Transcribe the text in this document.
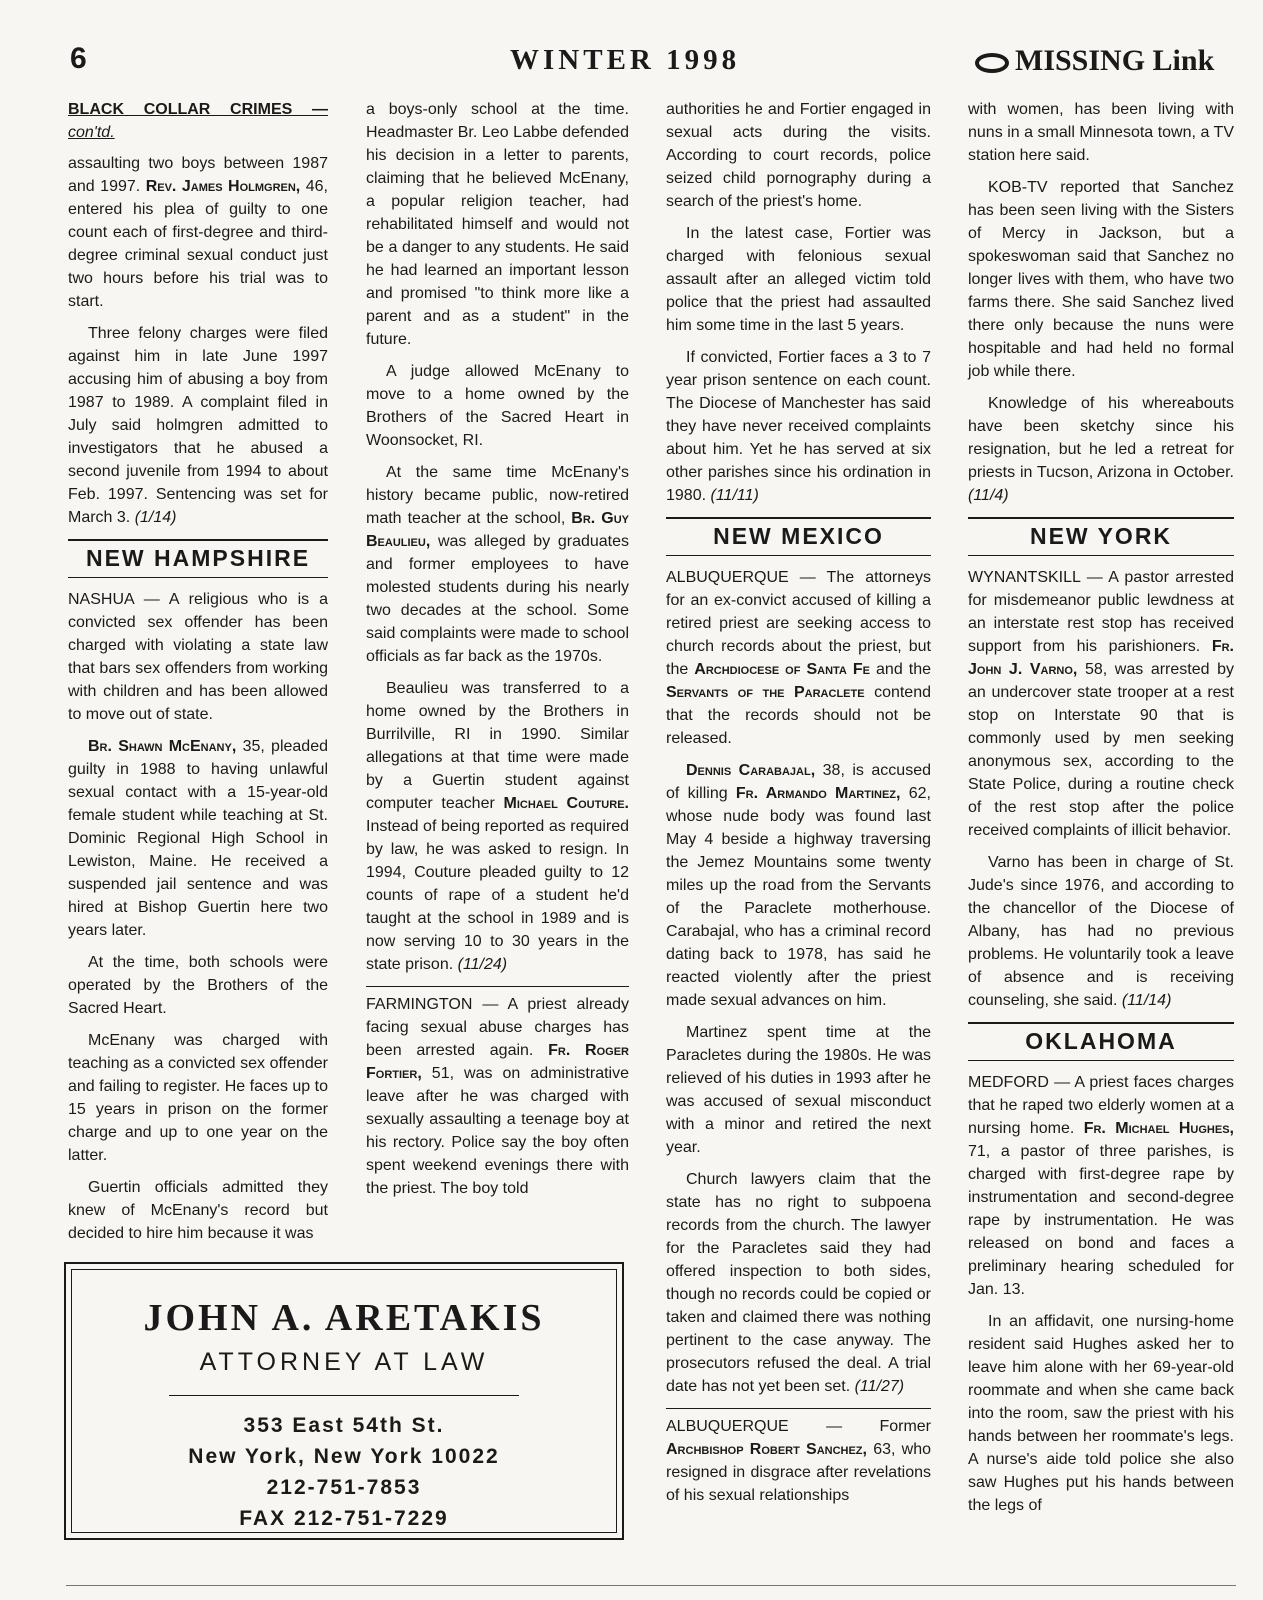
6	WINTER 1998	MISSING Link
BLACK COLLAR CRIMES — con'td.

assaulting two boys between 1987 and 1997. Rev. James Holmgren, 46, entered his plea of guilty to one count each of first-degree and third-degree criminal sexual conduct just two hours before his trial was to start.

Three felony charges were filed against him in late June 1997 accusing him of abusing a boy from 1987 to 1989. A complaint filed in July said holmgren admitted to investigators that he abused a second juvenile from 1994 to about Feb. 1997. Sentencing was set for March 3. (1/14)

NEW HAMPSHIRE

NASHUA — A religious who is a convicted sex offender has been charged with violating a state law that bars sex offenders from working with children and has been allowed to move out of state.

Br. Shawn McEnany, 35, pleaded guilty in 1988 to having unlawful sexual contact with a 15-year-old female student while teaching at St. Dominic Regional High School in Lewiston, Maine. He received a suspended jail sentence and was hired at Bishop Guertin here two years later.

At the time, both schools were operated by the Brothers of the Sacred Heart.

McEnany was charged with teaching as a convicted sex offender and failing to register. He faces up to 15 years in prison on the former charge and up to one year on the latter.

Guertin officials admitted they knew of McEnany's record but decided to hire him because it was

a boys-only school at the time. Headmaster Br. Leo Labbe defended his decision in a letter to parents, claiming that he believed McEnany, a popular religion teacher, had rehabilitated himself and would not be a danger to any students. He said he had learned an important lesson and promised "to think more like a parent and as a student" in the future.

A judge allowed McEnany to move to a home owned by the Brothers of the Sacred Heart in Woonsocket, RI.

At the same time McEnany's history became public, now-retired math teacher at the school, Br. Guy Beaulieu, was alleged by graduates and former employees to have molested students during his nearly two decades at the school. Some said complaints were made to school officials as far back as the 1970s.

Beaulieu was transferred to a home owned by the Brothers in Burrilville, RI in 1990. Similar allegations at that time were made by a Guertin student against computer teacher Michael Couture. Instead of being reported as required by law, he was asked to resign. In 1994, Couture pleaded guilty to 12 counts of rape of a student he'd taught at the school in 1989 and is now serving 10 to 30 years in the state prison. (11/24)

FARMINGTON — A priest already facing sexual abuse charges has been arrested again. Fr. Roger Fortier, 51, was on administrative leave after he was charged with sexually assaulting a teenage boy at his rectory. Police say the boy often spent weekend evenings there with the priest. The boy told

authorities he and Fortier engaged in sexual acts during the visits. According to court records, police seized child pornography during a search of the priest's home.

In the latest case, Fortier was charged with felonious sexual assault after an alleged victim told police that the priest had assaulted him some time in the last 5 years.

If convicted, Fortier faces a 3 to 7 year prison sentence on each count. The Diocese of Manchester has said they have never received complaints about him. Yet he has served at six other parishes since his ordination in 1980. (11/11)

NEW MEXICO

ALBUQUERQUE — The attorneys for an ex-convict accused of killing a retired priest are seeking access to church records about the priest, but the Archdiocese of Santa Fe and the Servants of the Paraclete contend that the records should not be released.

Dennis Carabajal, 38, is accused of killing Fr. Armando Martinez, 62, whose nude body was found last May 4 beside a highway traversing the Jemez Mountains some twenty miles up the road from the Servants of the Paraclete motherhouse. Carabajal, who has a criminal record dating back to 1978, has said he reacted violently after the priest made sexual advances on him.

Martinez spent time at the Paracletes during the 1980s. He was relieved of his duties in 1993 after he was accused of sexual misconduct with a minor and retired the next year.

Church lawyers claim that the state has no right to subpoena records from the church. The lawyer for the Paracletes said they had offered inspection to both sides, though no records could be copied or taken and claimed there was nothing pertinent to the case anyway. The prosecutors refused the deal. A trial date has not yet been set. (11/27)

ALBUQUERQUE — Former Archbishop Robert Sanchez, 63, who resigned in disgrace after revelations of his sexual relationships

with women, has been living with nuns in a small Minnesota town, a TV station here said.

KOB-TV reported that Sanchez has been seen living with the Sisters of Mercy in Jackson, but a spokeswoman said that Sanchez no longer lives with them, who have two farms there. She said Sanchez lived there only because the nuns were hospitable and had held no formal job while there.

Knowledge of his whereabouts have been sketchy since his resignation, but he led a retreat for priests in Tucson, Arizona in October. (11/4)

NEW YORK

WYNANTSKILL — A pastor arrested for misdemeanor public lewdness at an interstate rest stop has received support from his parishioners. Fr. John J. Varno, 58, was arrested by an undercover state trooper at a rest stop on Interstate 90 that is commonly used by men seeking anonymous sex, according to the State Police, during a routine check of the rest stop after the police received complaints of illicit behavior.

Varno has been in charge of St. Jude's since 1976, and according to the chancellor of the Diocese of Albany, has had no previous problems. He voluntarily took a leave of absence and is receiving counseling, she said. (11/14)

OKLAHOMA

MEDFORD — A priest faces charges that he raped two elderly women at a nursing home. Fr. Michael Hughes, 71, a pastor of three parishes, is charged with first-degree rape by instrumentation and second-degree rape by instrumentation. He was released on bond and faces a preliminary hearing scheduled for Jan. 13.

In an affidavit, one nursing-home resident said Hughes asked her to leave him alone with her 69-year-old roommate and when she came back into the room, saw the priest with his hands between her roommate's legs. A nurse's aide told police she also saw Hughes put his hands between the legs of

JOHN A. ARETAKIS
ATTORNEY AT LAW
353 East 54th St.
New York, New York 10022
212-751-7853
FAX 212-751-7229
